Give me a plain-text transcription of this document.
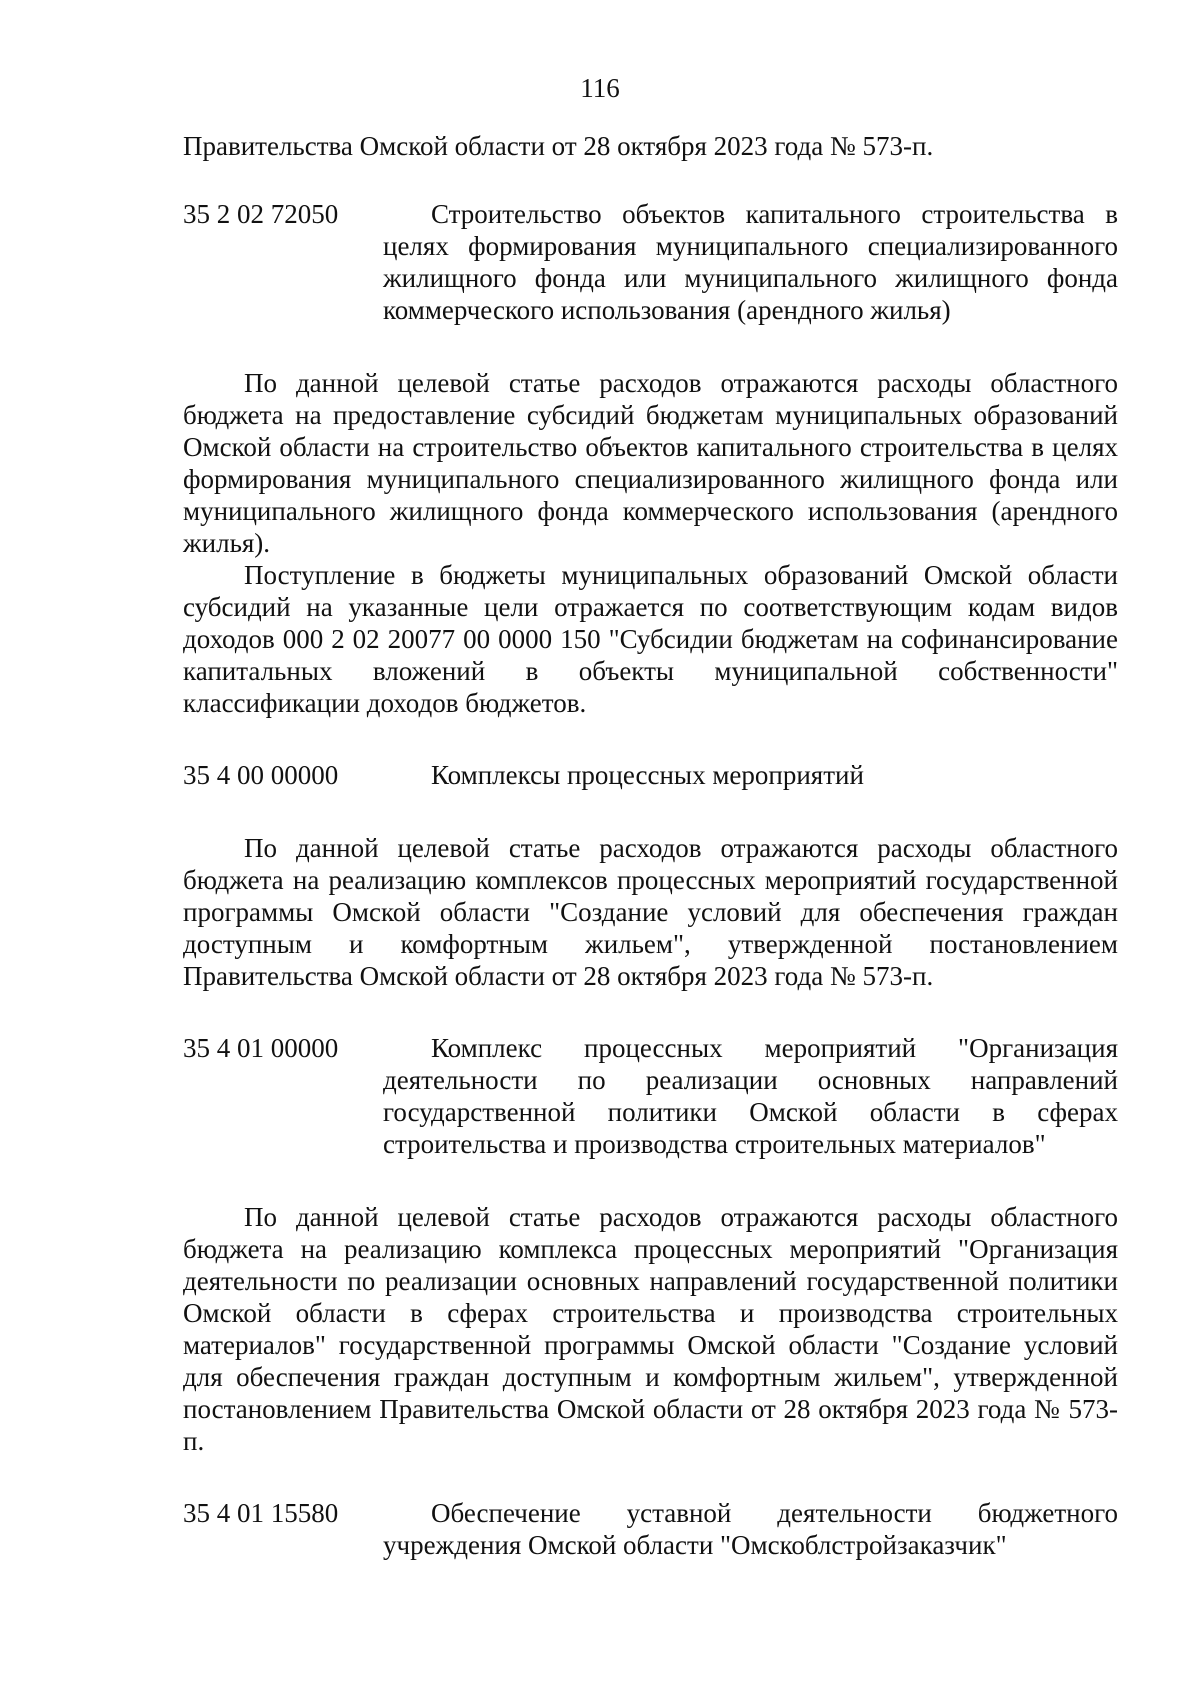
116

Правительства Омской области от 28 октября 2023 года № 573-п.

35 2 02 72050	Строительство объектов капитального строительства в целях формирования муниципального специализированного жилищного фонда или муниципального жилищного фонда коммерческого использования (арендного жилья)

По данной целевой статье расходов отражаются расходы областного бюджета на предоставление субсидий бюджетам муниципальных образований Омской области на строительство объектов капитального строительства в целях формирования муниципального специализированного жилищного фонда или муниципального жилищного фонда коммерческого использования (арендного жилья).

Поступление в бюджеты муниципальных образований Омской области субсидий на указанные цели отражается по соответствующим кодам видов доходов 000 2 02 20077 00 0000 150 "Субсидии бюджетам на софинансирование капитальных вложений в объекты муниципальной собственности" классификации доходов бюджетов.

35 4 00 00000	Комплексы процессных мероприятий

По данной целевой статье расходов отражаются расходы областного бюджета на реализацию комплексов процессных мероприятий государственной программы Омской области "Создание условий для обеспечения граждан доступным и комфортным жильем", утвержденной постановлением Правительства Омской области от 28 октября 2023 года № 573-п.

35 4 01 00000	Комплекс процессных мероприятий "Организация деятельности по реализации основных направлений государственной политики Омской области в сферах строительства и производства строительных материалов"

По данной целевой статье расходов отражаются расходы областного бюджета на реализацию комплекса процессных мероприятий "Организация деятельности по реализации основных направлений государственной политики Омской области в сферах строительства и производства строительных материалов" государственной программы Омской области "Создание условий для обеспечения граждан доступным и комфортным жильем", утвержденной постановлением Правительства Омской области от 28 октября 2023 года № 573-п.

35 4 01 15580	Обеспечение уставной деятельности бюджетного учреждения Омской области "Омскоблстройзаказчик"
